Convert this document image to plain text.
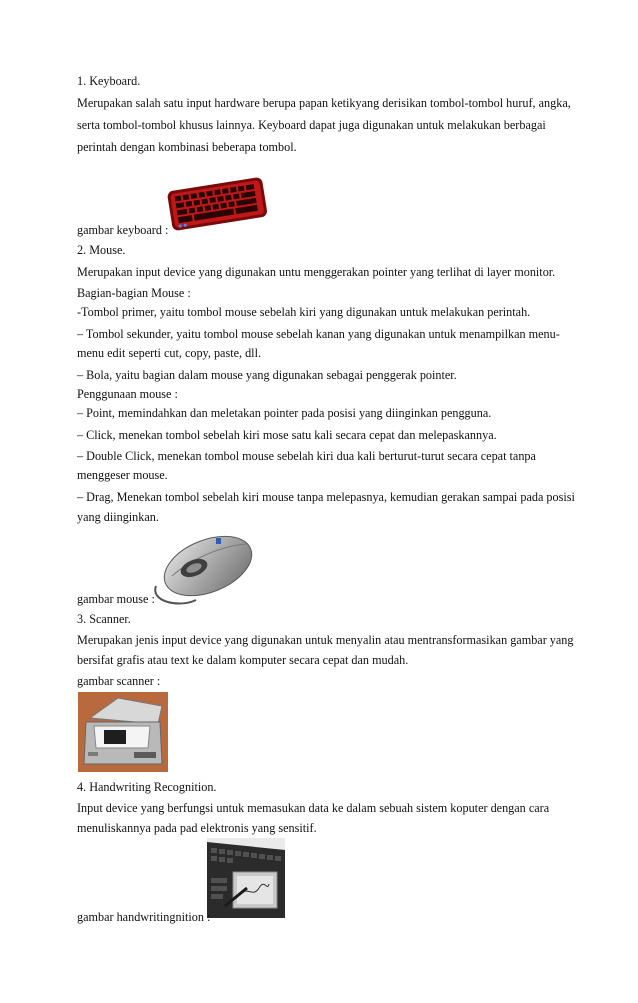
1. Keyboard.
Merupakan salah satu input hardware berupa papan ketikyang derisikan tombol-tombol huruf, angka,
serta tombol-tombol khusus lainnya. Keyboard dapat juga digunakan untuk melakukan berbagai
perintah dengan kombinasi beberapa tombol.
gambar keyboard :
2. Mouse.
Merupakan input device yang digunakan untu menggerakan pointer yang terlihat di layer monitor.
Bagian-bagian Mouse :
-Tombol primer, yaitu tombol mouse sebelah kiri yang digunakan untuk melakukan perintah.
– Tombol sekunder, yaitu tombol mouse sebelah kanan yang digunakan untuk menampilkan menu-
menu edit seperti cut, copy, paste, dll.
– Bola, yaitu bagian dalam mouse yang digunakan sebagai penggerak pointer.
Penggunaan mouse :
– Point, memindahkan dan meletakan pointer pada posisi yang diinginkan pengguna.
– Click, menekan tombol sebelah kiri mose satu kali secara cepat dan melepaskannya.
– Double Click, menekan tombol mouse sebelah kiri dua kali berturut-turut secara cepat tanpa
menggeser mouse.
– Drag, Menekan tombol sebelah kiri mouse tanpa melepasnya, kemudian gerakan sampai pada posisi
yang diinginkan.
gambar mouse :
3. Scanner.
Merupakan jenis input device yang digunakan untuk menyalin atau mentransformasikan gambar yang
bersifat grafis atau text ke dalam komputer secara cepat dan mudah.
gambar scanner :
4. Handwriting Recognition.
Input device yang berfungsi untuk memasukan data ke dalam sebuah sistem koputer dengan cara
menuliskannya pada pad elektronis yang sensitif.
gambar handwritingnition :
